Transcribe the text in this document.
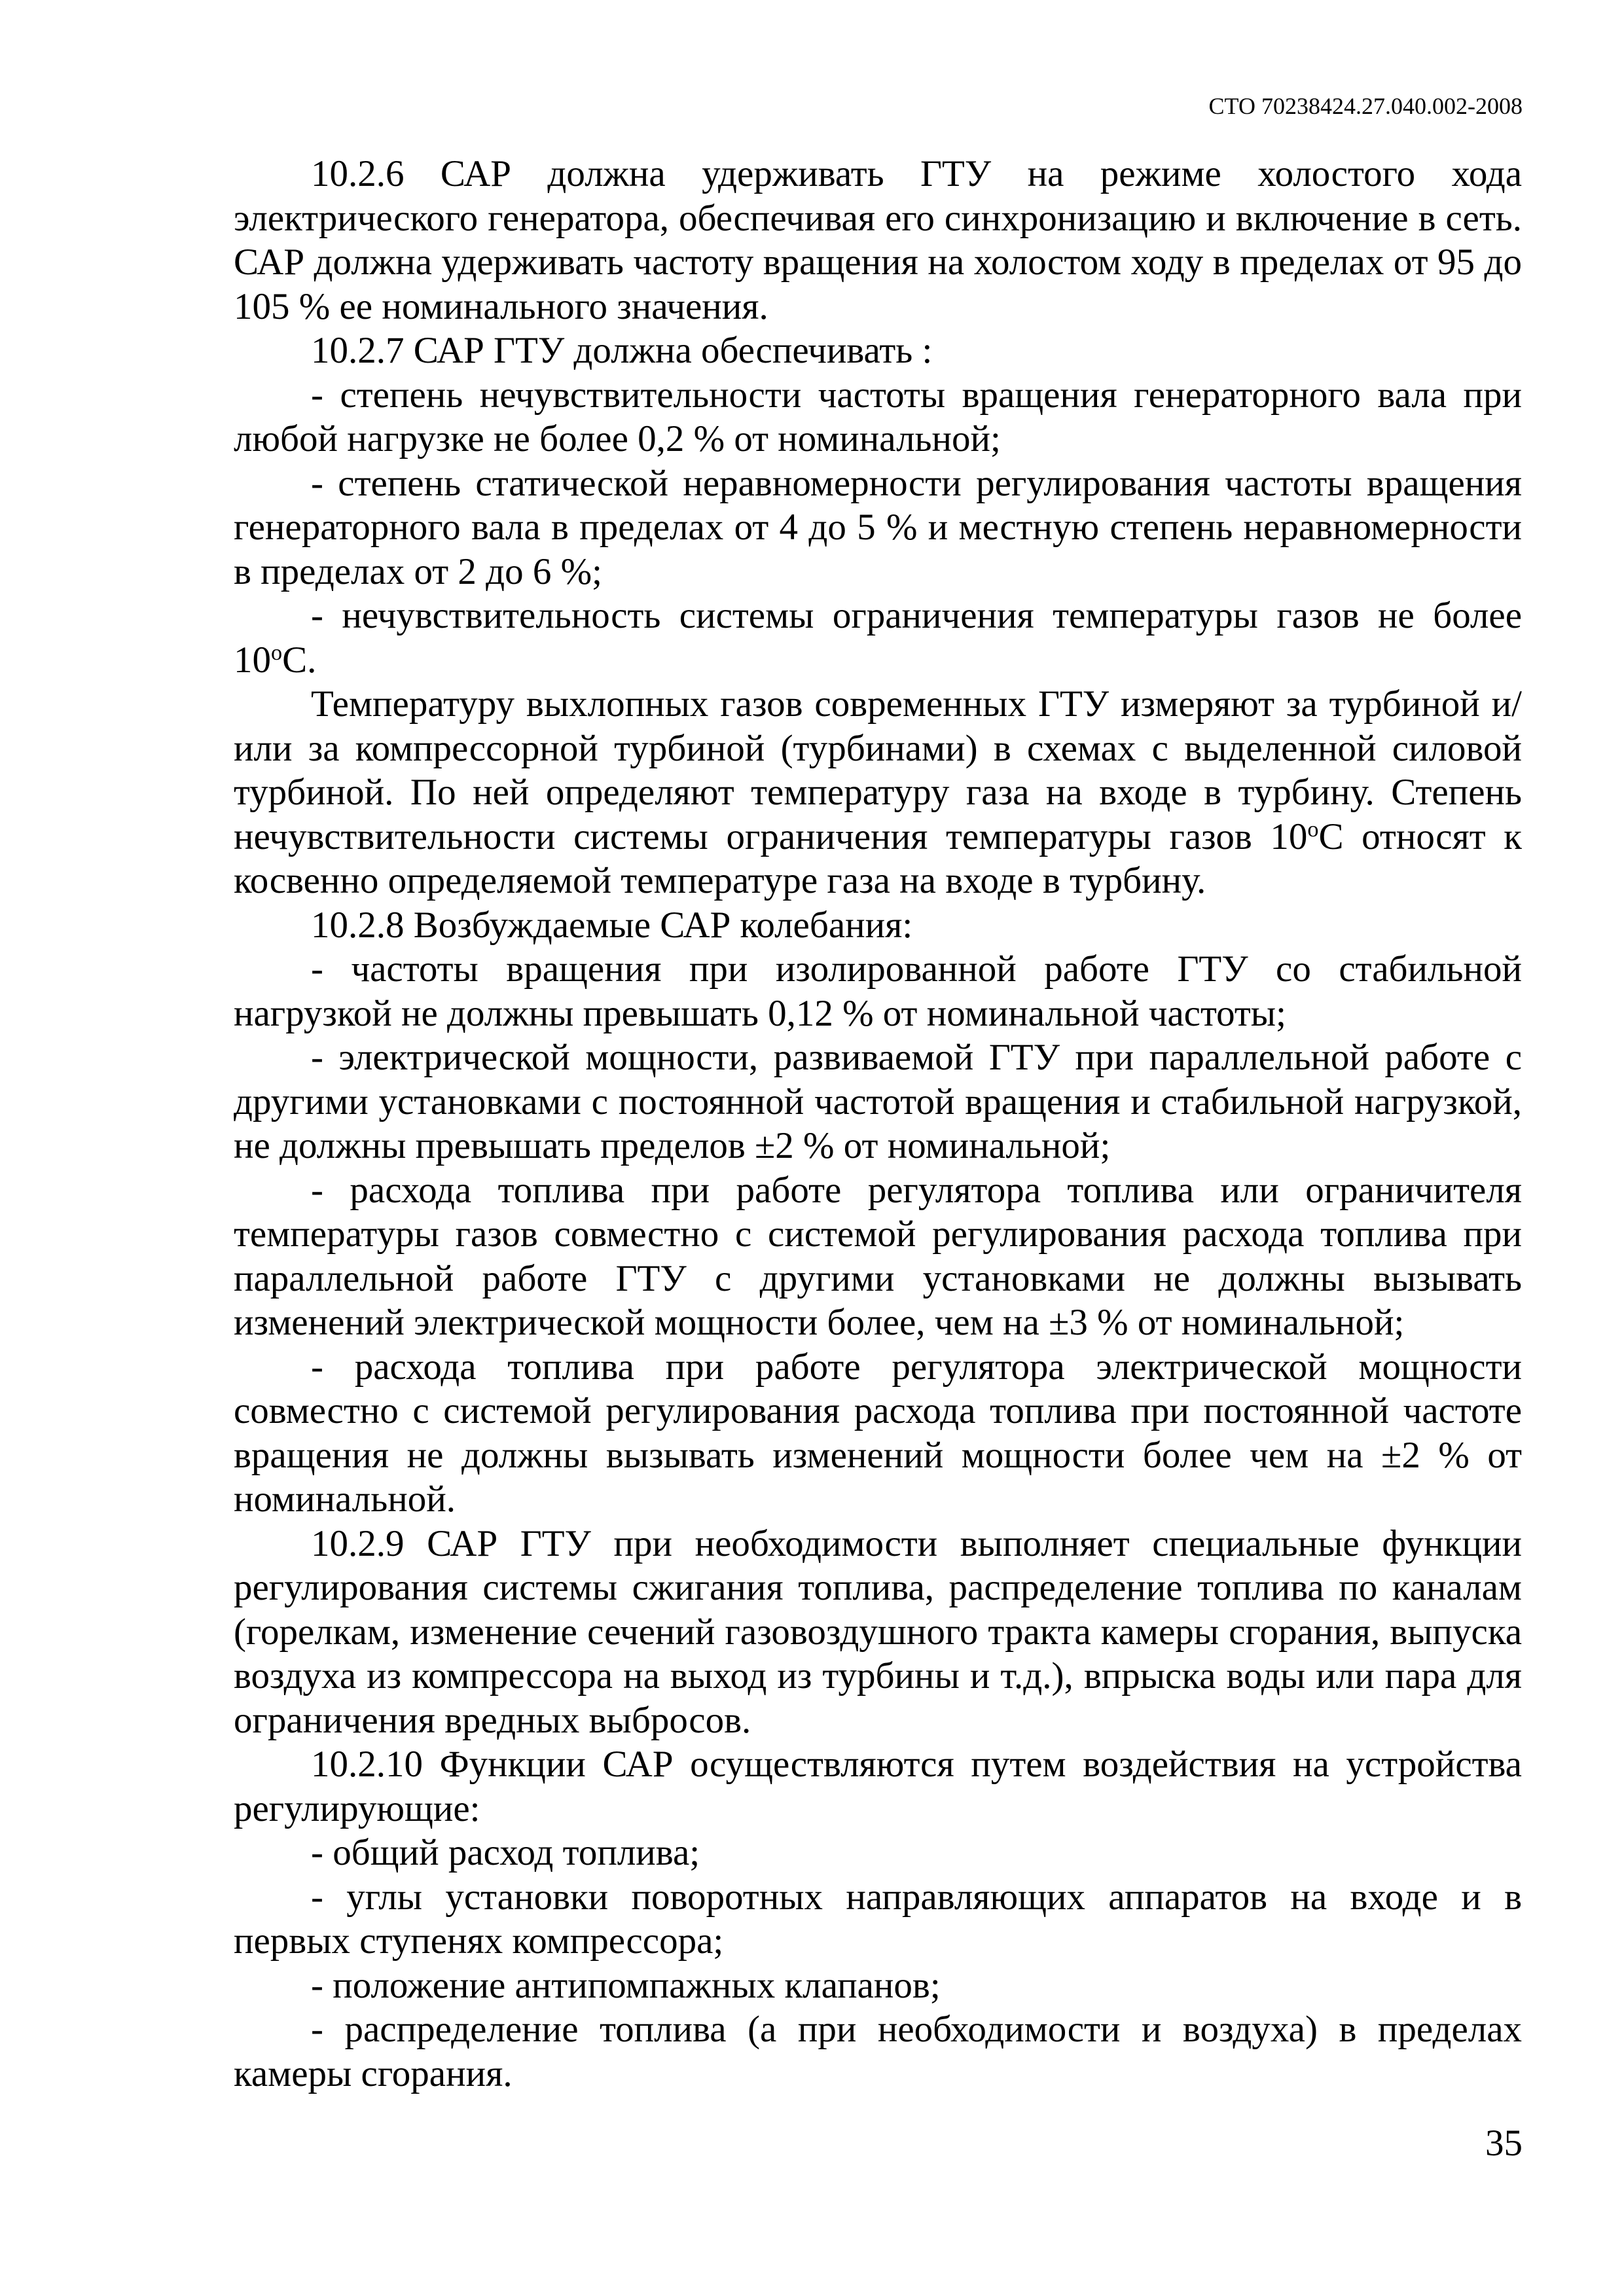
СТО 70238424.27.040.002-2008

10.2.6 САР должна удерживать ГТУ на режиме холостого хода электрического генератора, обеспечивая его синхронизацию и включение в сеть. САР должна удерживать частоту вращения на холостом ходу в пределах от 95 до 105 % ее номинального значения.

10.2.7 САР ГТУ должна обеспечивать :

- степень нечувствительности частоты вращения генераторного вала при любой нагрузке не более 0,2 % от номинальной;

- степень статической неравномерности регулирования частоты вращения генераторного вала в пределах от 4 до 5 % и местную степень неравномерности в пределах от 2 до 6 %;

- нечувствительность системы ограничения температуры газов не более $10^оС$.

Температуру выхлопных газов современных ГТУ измеряют за турбиной и/или за компрессорной турбиной (турбинами) в схемах с выделенной силовой турбиной. По ней определяют температуру газа на входе в турбину. Степень нечувствительности системы ограничения температуры газов $10^оС$ относят к косвенно определяемой температуре газа на входе в турбину.

10.2.8 Возбуждаемые САР колебания:

- частоты вращения при изолированной работе ГТУ со стабильной нагрузкой не должны превышать 0,12 % от номинальной частоты;

- электрической мощности, развиваемой ГТУ при параллельной работе с другими установками с постоянной частотой вращения и стабильной нагрузкой, не должны превышать пределов ±2 % от номинальной;

- расхода топлива при работе регулятора топлива или ограничителя температуры газов совместно с системой регулирования расхода топлива при параллельной работе ГТУ с другими установками не должны вызывать изменений электрической мощности более, чем на ±3 % от номинальной;

- расхода топлива при работе регулятора электрической мощности совместно с системой регулирования расхода топлива при постоянной частоте вращения не должны вызывать изменений мощности более чем на ±2 % от номинальной.

10.2.9 САР ГТУ при необходимости выполняет специальные функции регулирования системы сжигания топлива, распределение топлива по каналам (горелкам, изменение сечений газовоздушного тракта камеры сгорания, выпуска воздуха из компрессора на выход из турбины и т.д.), впрыска воды или пара для ограничения вредных выбросов.

10.2.10 Функции САР осуществляются путем воздействия на устройства регулирующие:

- общий расход топлива;

- углы установки поворотных направляющих аппаратов на входе и в первых ступенях компрессора;

- положение антипомпажных клапанов;

- распределение топлива (а при необходимости и воздуха) в пределах камеры сгорания.

35
